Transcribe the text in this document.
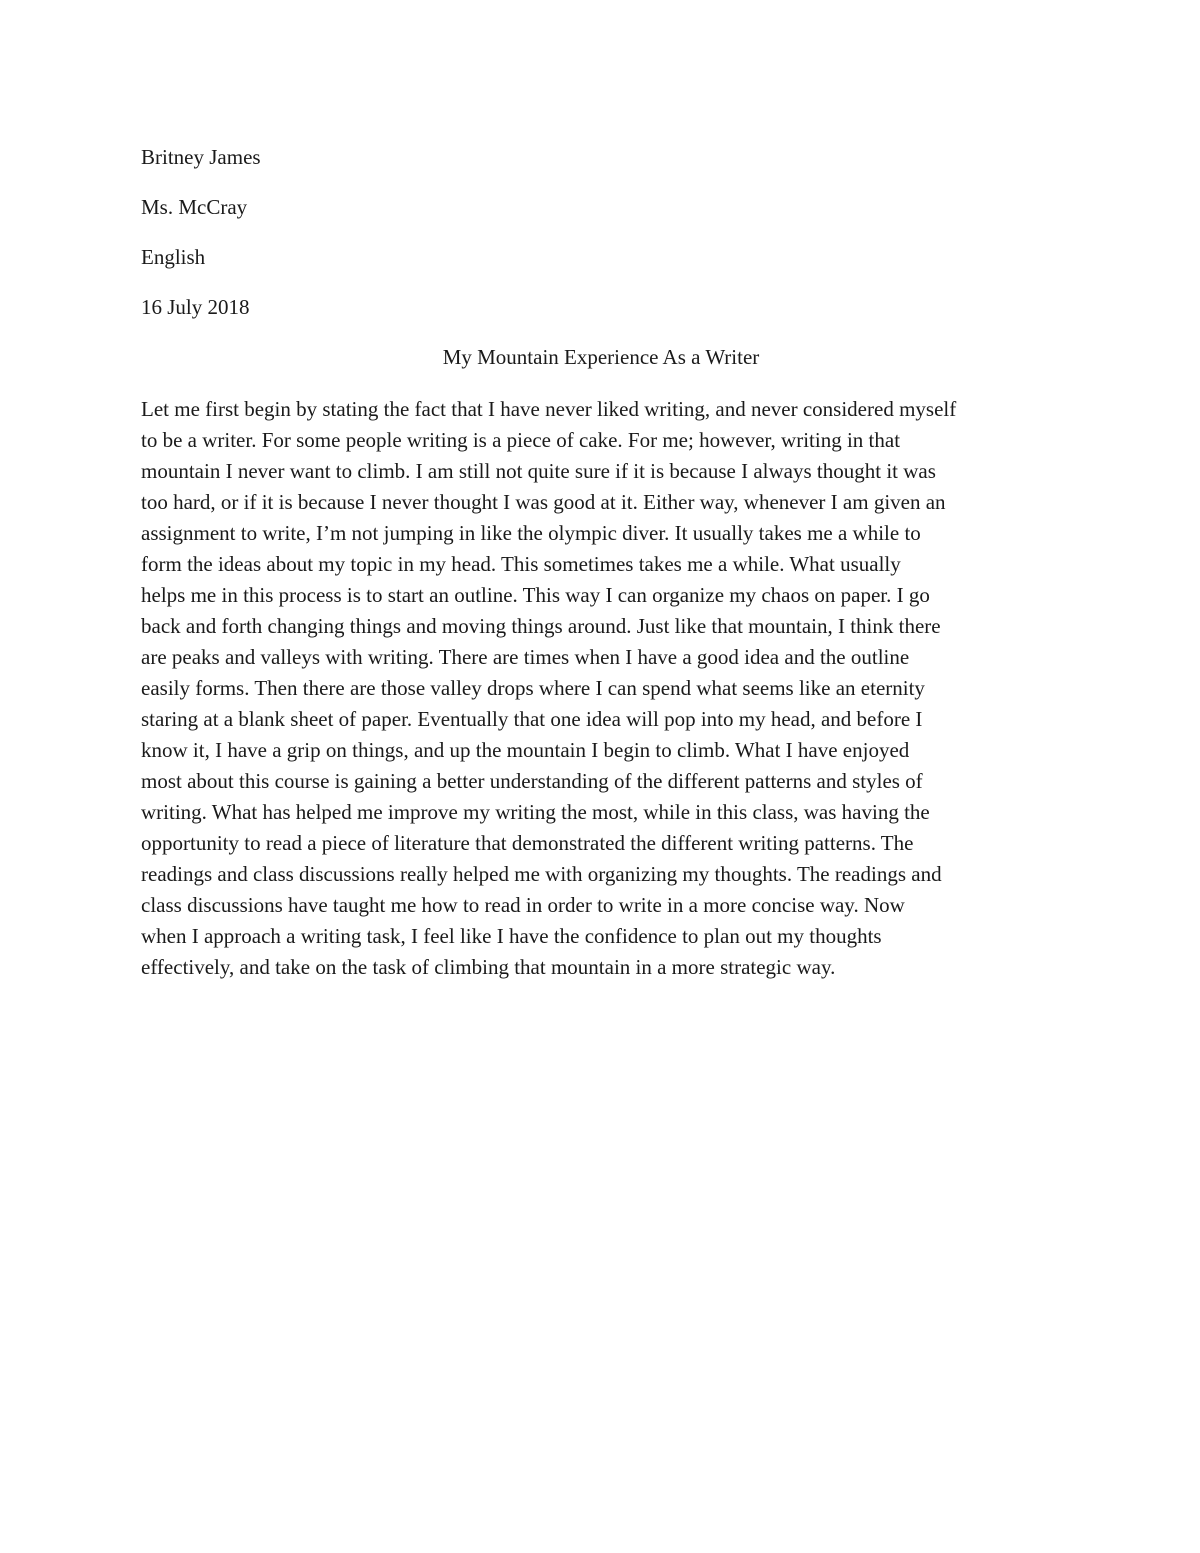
Britney James

Ms. McCray

English

16 July 2018

My Mountain Experience As a Writer

Let me first begin by stating the fact that I have never liked writing, and never considered myself
to be a writer. For some people writing is a piece of cake. For me; however, writing in that
mountain I never want to climb. I am still not quite sure if it is because I always thought it was
too hard, or if it is because I never thought I was good at it. Either way, whenever I am given an
assignment to write, I’m not jumping in like the olympic diver. It usually takes me a while to
form the ideas about my topic in my head. This sometimes takes me a while. What usually
helps me in this process is to start an outline. This way I can organize my chaos on paper. I go
back and forth changing things and moving things around. Just like that mountain, I think there
are peaks and valleys with writing. There are times when I have a good idea and the outline
easily forms. Then there are those valley drops where I can spend what seems like an eternity
staring at a blank sheet of paper. Eventually that one idea will pop into my head, and before I
know it, I have a grip on things, and up the mountain I begin to climb. What I have enjoyed
most about this course is gaining a better understanding of the different patterns and styles of
writing. What has helped me improve my writing the most, while in this class, was having the
opportunity to read a piece of literature that demonstrated the different writing patterns. The
readings and class discussions really helped me with organizing my thoughts. The readings and
class discussions have taught me how to read in order to write in a more concise way. Now
when I approach a writing task, I feel like I have the confidence to plan out my thoughts
effectively, and take on the task of climbing that mountain in a more strategic way.
